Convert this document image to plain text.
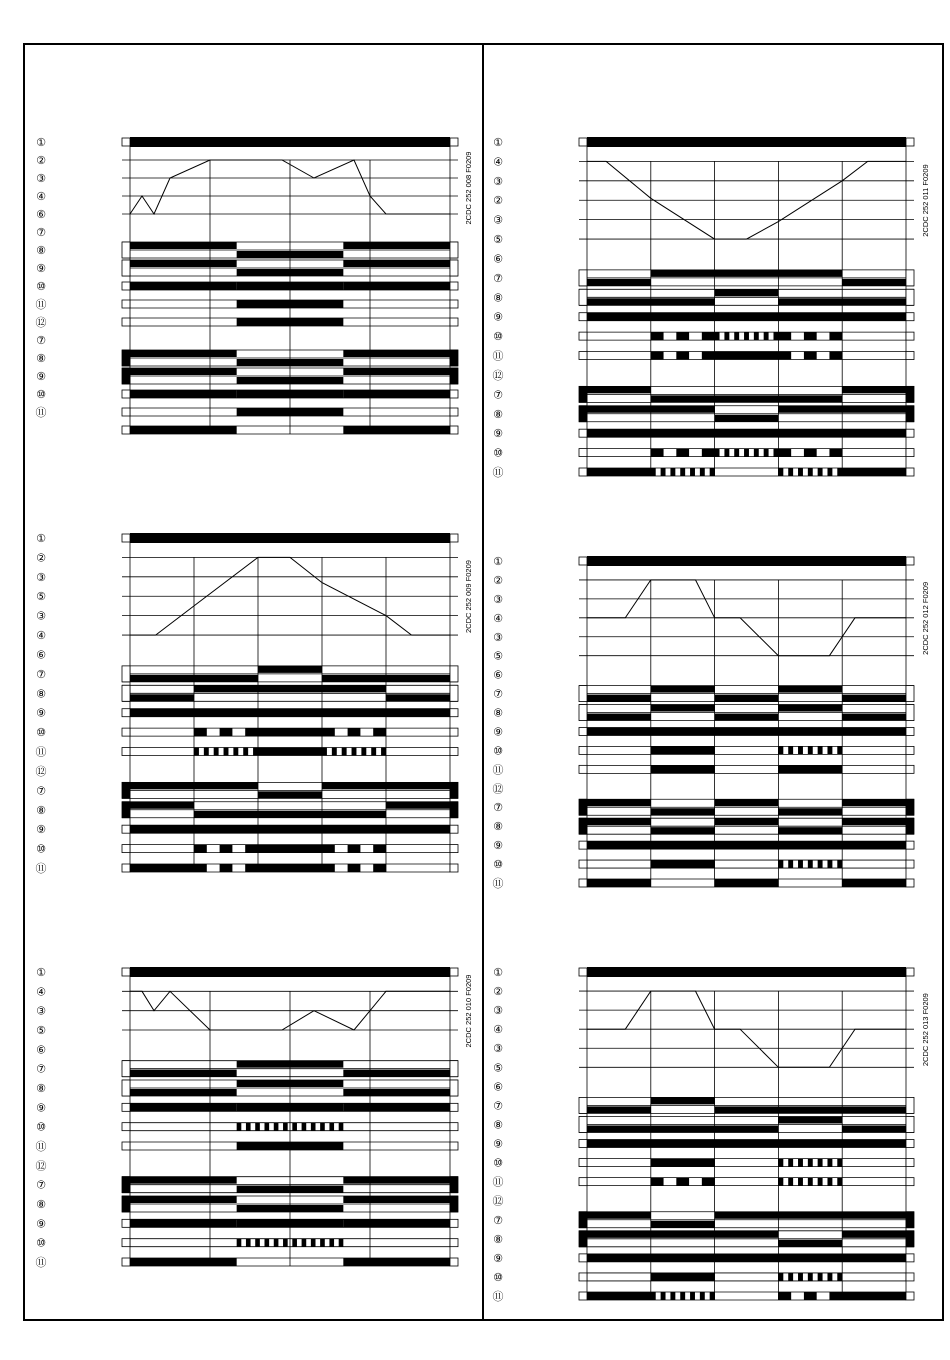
①
②
③
④
⑥
⑦
⑧
⑨
⑩
⑪
⑫
⑦
⑧
⑨
⑩
⑪
2CDC 252 008 F0209
①
②
③
⑤
③
④
⑥
⑦
⑧
⑨
⑩
⑪
⑫
⑦
⑧
⑨
⑩
⑪
2CDC 252 009 F0209
①
④
③
⑤
⑥
⑦
⑧
⑨
⑩
⑪
⑫
⑦
⑧
⑨
⑩
⑪
2CDC 252 010 F0209
①
④
③
②
③
⑤
⑥
⑦
⑧
⑨
⑩
⑪
⑫
⑦
⑧
⑨
⑩
⑪
2CDC 252 011 F0209
①
②
③
④
③
⑤
⑥
⑦
⑧
⑨
⑩
⑪
⑫
⑦
⑧
⑨
⑩
⑪
2CDC 252 012 F0209
①
②
③
④
③
⑤
⑥
⑦
⑧
⑨
⑩
⑪
⑫
⑦
⑧
⑨
⑩
⑪
2CDC 252 013 F0209
